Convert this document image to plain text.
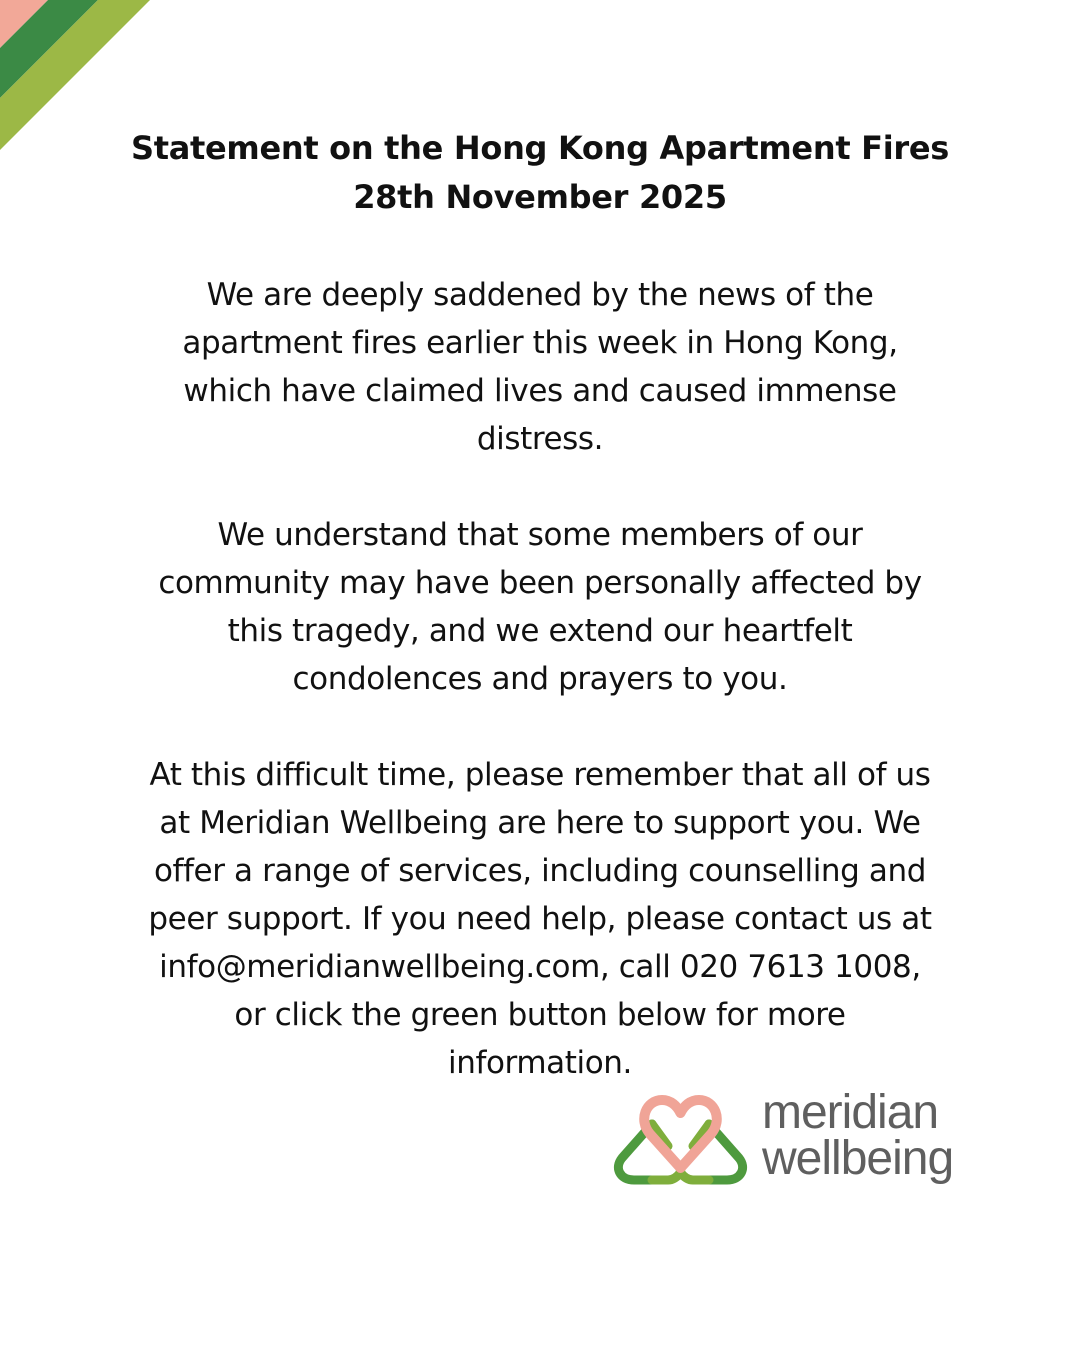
Statement on the Hong Kong Apartment Fires
28th November 2025
We are deeply saddened by the news of the
apartment fires earlier this week in Hong Kong,
which have claimed lives and caused immense
distress.
We understand that some members of our
community may have been personally affected by
this tragedy, and we extend our heartfelt
condolences and prayers to you.
At this difficult time, please remember that all of us
at Meridian Wellbeing are here to support you. We
offer a range of services, including counselling and
peer support. If you need help, please contact us at
info@meridianwellbeing.com, call 020 7613 1008,
or click the green button below for more
information.
meridian
wellbeing
